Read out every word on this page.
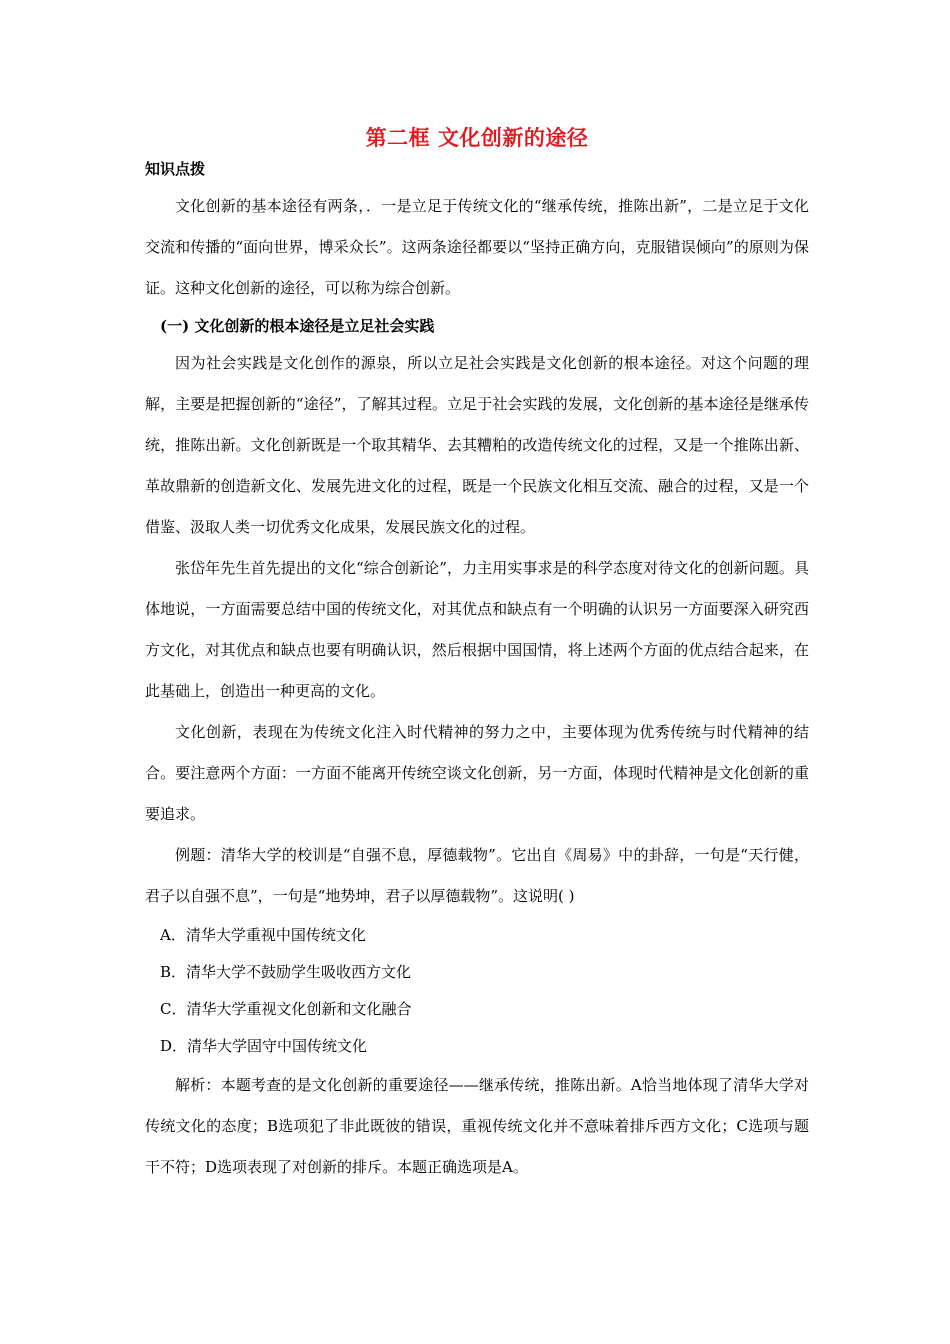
第二框 文化创新的途径
知识点拨

文化创新的基本途径有两条，．一是立足于传统文化的“继承传统，推陈出新”，二是立足于文化交流和传播的“面向世界，博采众长”。这两条途径都要以“坚持正确方向，克服错误倾向”的原则为保证。这种文化创新的途径，可以称为综合创新。

(一) 文化创新的根本途径是立足社会实践

因为社会实践是文化创作的源泉，所以立足社会实践是文化创新的根本途径。对这个问题的理解，主要是把握创新的“途径”，了解其过程。立足于社会实践的发展，文化创新的基本途径是继承传统，推陈出新。文化创新既是一个取其精华、去其糟粕的改造传统文化的过程，又是一个推陈出新、革故鼎新的创造新文化、发展先进文化的过程，既是一个民族文化相互交流、融合的过程，又是一个借鉴、汲取人类一切优秀文化成果，发展民族文化的过程。

张岱年先生首先提出的文化“综合创新论”，力主用实事求是的科学态度对待文化的创新问题。具体地说，一方面需要总结中国的传统文化，对其优点和缺点有一个明确的认识另一方面要深入研究西方文化，对其优点和缺点也要有明确认识，然后根据中国国情，将上述两个方面的优点结合起来，在此基础上，创造出一种更高的文化。

文化创新，表现在为传统文化注入时代精神的努力之中，主要体现为优秀传统与时代精神的结合。要注意两个方面：一方面不能离开传统空谈文化创新，另一方面，体现时代精神是文化创新的重要追求。

例题：清华大学的校训是“自强不息，厚德载物”。它出自《周易》中的卦辞，一句是“天行健，君子以自强不息”，一句是“地势坤，君子以厚德载物”。这说明( )

A．清华大学重视中国传统文化
B．清华大学不鼓励学生吸收西方文化
C．清华大学重视文化创新和文化融合
D．清华大学固守中国传统文化

解析：本题考查的是文化创新的重要途径——继承传统，推陈出新。A恰当地体现了清华大学对传统文化的态度；B选项犯了非此既彼的错误，重视传统文化并不意味着排斥西方文化；C选项与题干不符；D选项表现了对创新的排斥。本题正确选项是A。
